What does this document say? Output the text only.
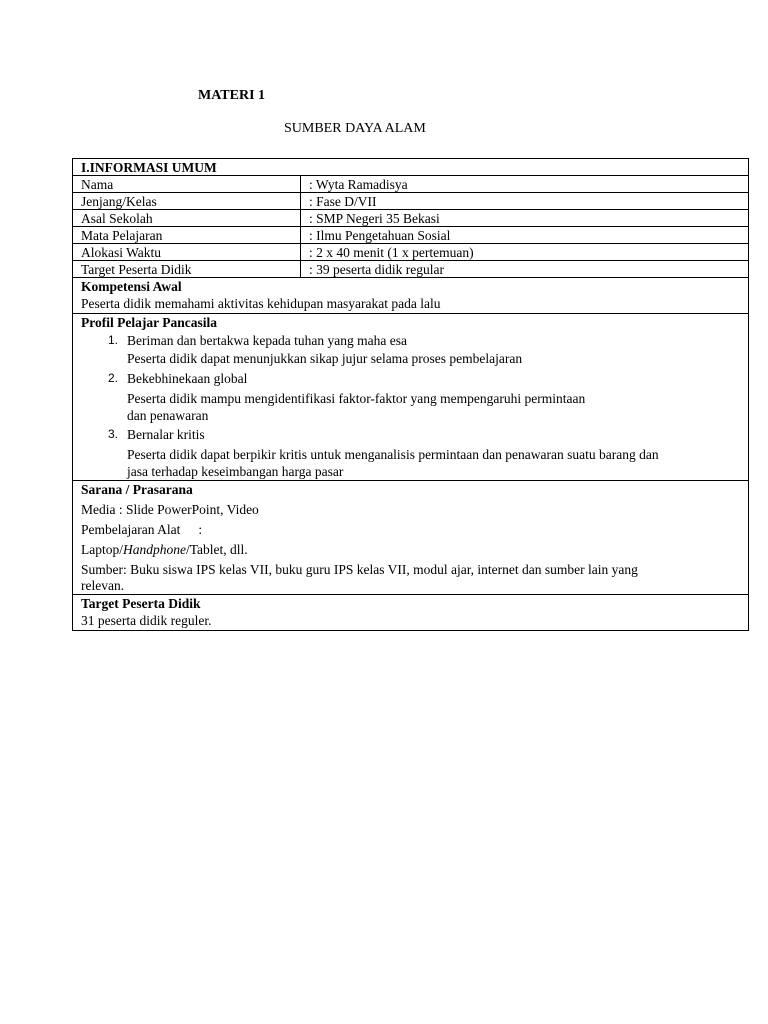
MATERI 1
SUMBER DAYA ALAM
I.INFORMASI UMUM
Nama	: Wyta Ramadisya
Jenjang/Kelas	: Fase D/VII
Asal Sekolah	: SMP Negeri 35 Bekasi
Mata Pelajaran	: Ilmu Pengetahuan Sosial
Alokasi Waktu	: 2 x 40 menit (1 x pertemuan)
Target Peserta Didik	: 39 peserta didik regular
Kompetensi Awal
Peserta didik memahami aktivitas kehidupan masyarakat pada lalu
Profil Pelajar Pancasila
1. Beriman dan bertakwa kepada tuhan yang maha esa
Peserta didik dapat menunjukkan sikap jujur selama proses pembelajaran
2. Bekebhinekaan global
Peserta didik mampu mengidentifikasi faktor-faktor yang mempengaruhi permintaan
dan penawaran
3. Bernalar kritis
Peserta didik dapat berpikir kritis untuk menganalisis permintaan dan penawaran suatu barang dan
jasa terhadap keseimbangan harga pasar
Sarana / Prasarana
Media : Slide PowerPoint, Video
Pembelajaran Alat :
Laptop/Handphone/Tablet, dll.
Sumber: Buku siswa IPS kelas VII, buku guru IPS kelas VII, modul ajar, internet dan sumber lain yang
relevan.
Target Peserta Didik
31 peserta didik reguler.
